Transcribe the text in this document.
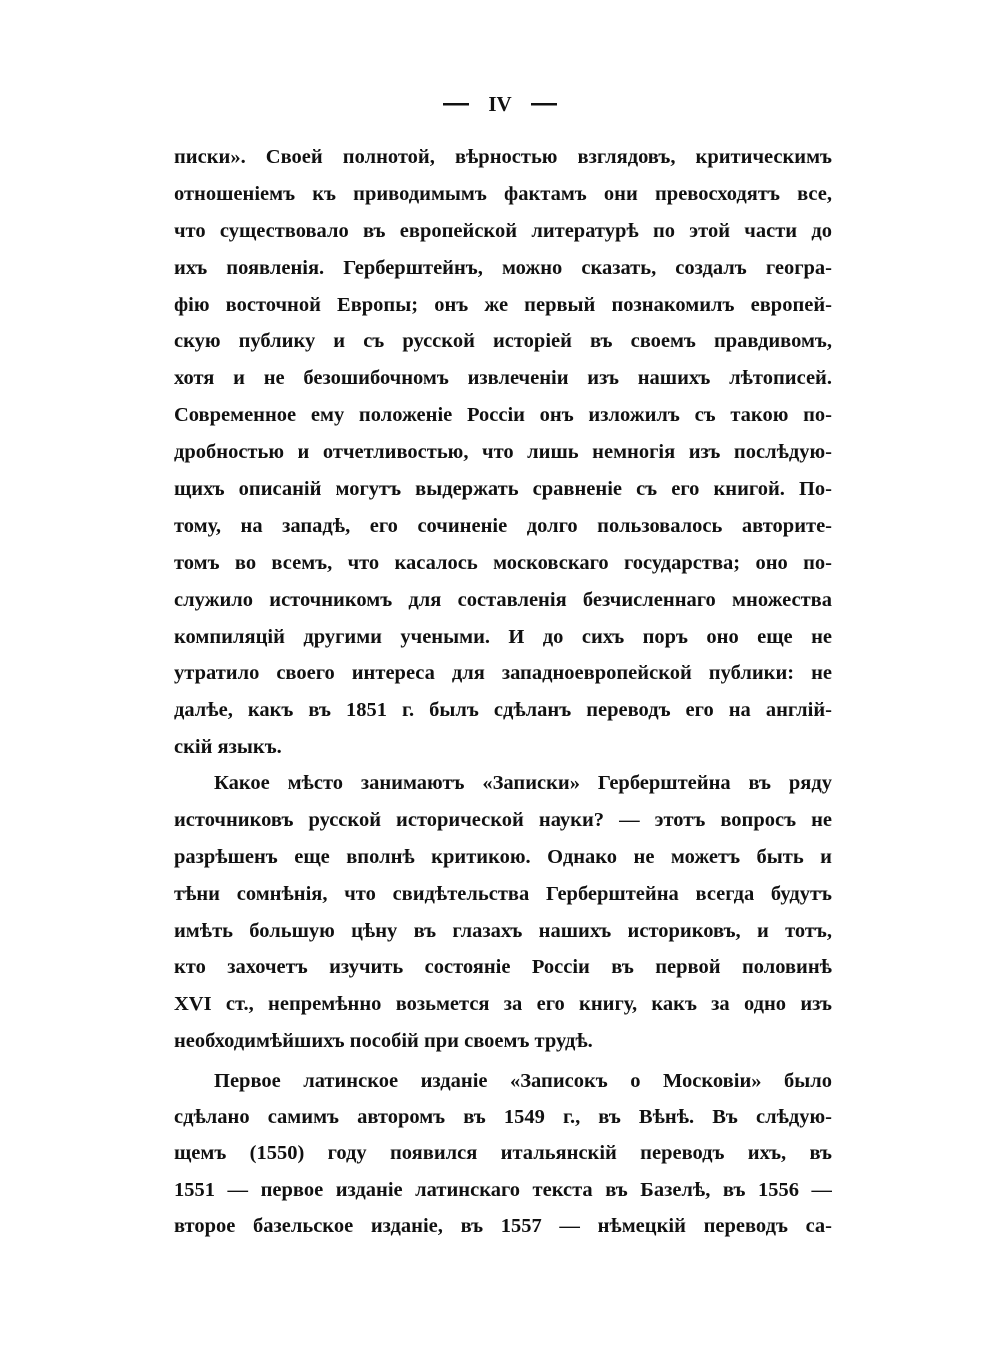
IV
писки». Своей полнотой, вѣрностью взглядовъ, критическимъ
отношеніемъ къ приводимымъ фактамъ они превосходятъ все,
что существовало въ европейской литературѣ по этой части до
ихъ появленія. Герберштейнъ, можно сказать, создалъ геогра-
фію восточной Европы; онъ же первый познакомилъ европей-
скую публику и съ русской исторіей въ своемъ правдивомъ,
хотя и не безошибочномъ извлеченіи изъ нашихъ лѣтописей.
Современное ему положеніе Россіи онъ изложилъ съ такою по-
дробностью и отчетливостью, что лишь немногія изъ послѣдую-
щихъ описаній могутъ выдержать сравненіе съ его книгой. По-
тому, на западѣ, его сочиненіе долго пользовалось авторите-
томъ во всемъ, что касалось московскаго государства; оно по-
служило источникомъ для составленія безчисленнаго множества
компиляцій другими учеными. И до сихъ поръ оно еще не
утратило своего интереса для западноевропейской публики: не
далѣе, какъ въ 1851 г. былъ сдѣланъ переводъ его на англій-
скій языкъ.
Какое мѣсто занимаютъ «Записки» Герберштейна въ ряду
источниковъ русской исторической науки? — этотъ вопросъ не
разрѣшенъ еще вполнѣ критикою. Однако не можетъ быть и
тѣни сомнѣнія, что свидѣтельства Герберштейна всегда будутъ
имѣть большую цѣну въ глазахъ нашихъ историковъ, и тотъ,
кто захочетъ изучить состояніе Россіи въ первой половинѣ
XVI ст., непремѣнно возьмется за его книгу, какъ за одно изъ
необходимѣйшихъ пособій при своемъ трудѣ.
Первое латинское изданіе «Записокъ о Московіи» было
сдѣлано самимъ авторомъ въ 1549 г., въ Вѣнѣ. Въ слѣдую-
щемъ (1550) году появился итальянскій переводъ ихъ, въ
1551 — первое изданіе латинскаго текста въ Базелѣ, въ 1556 —
второе базельское изданіе, въ 1557 — нѣмецкій переводъ са-
